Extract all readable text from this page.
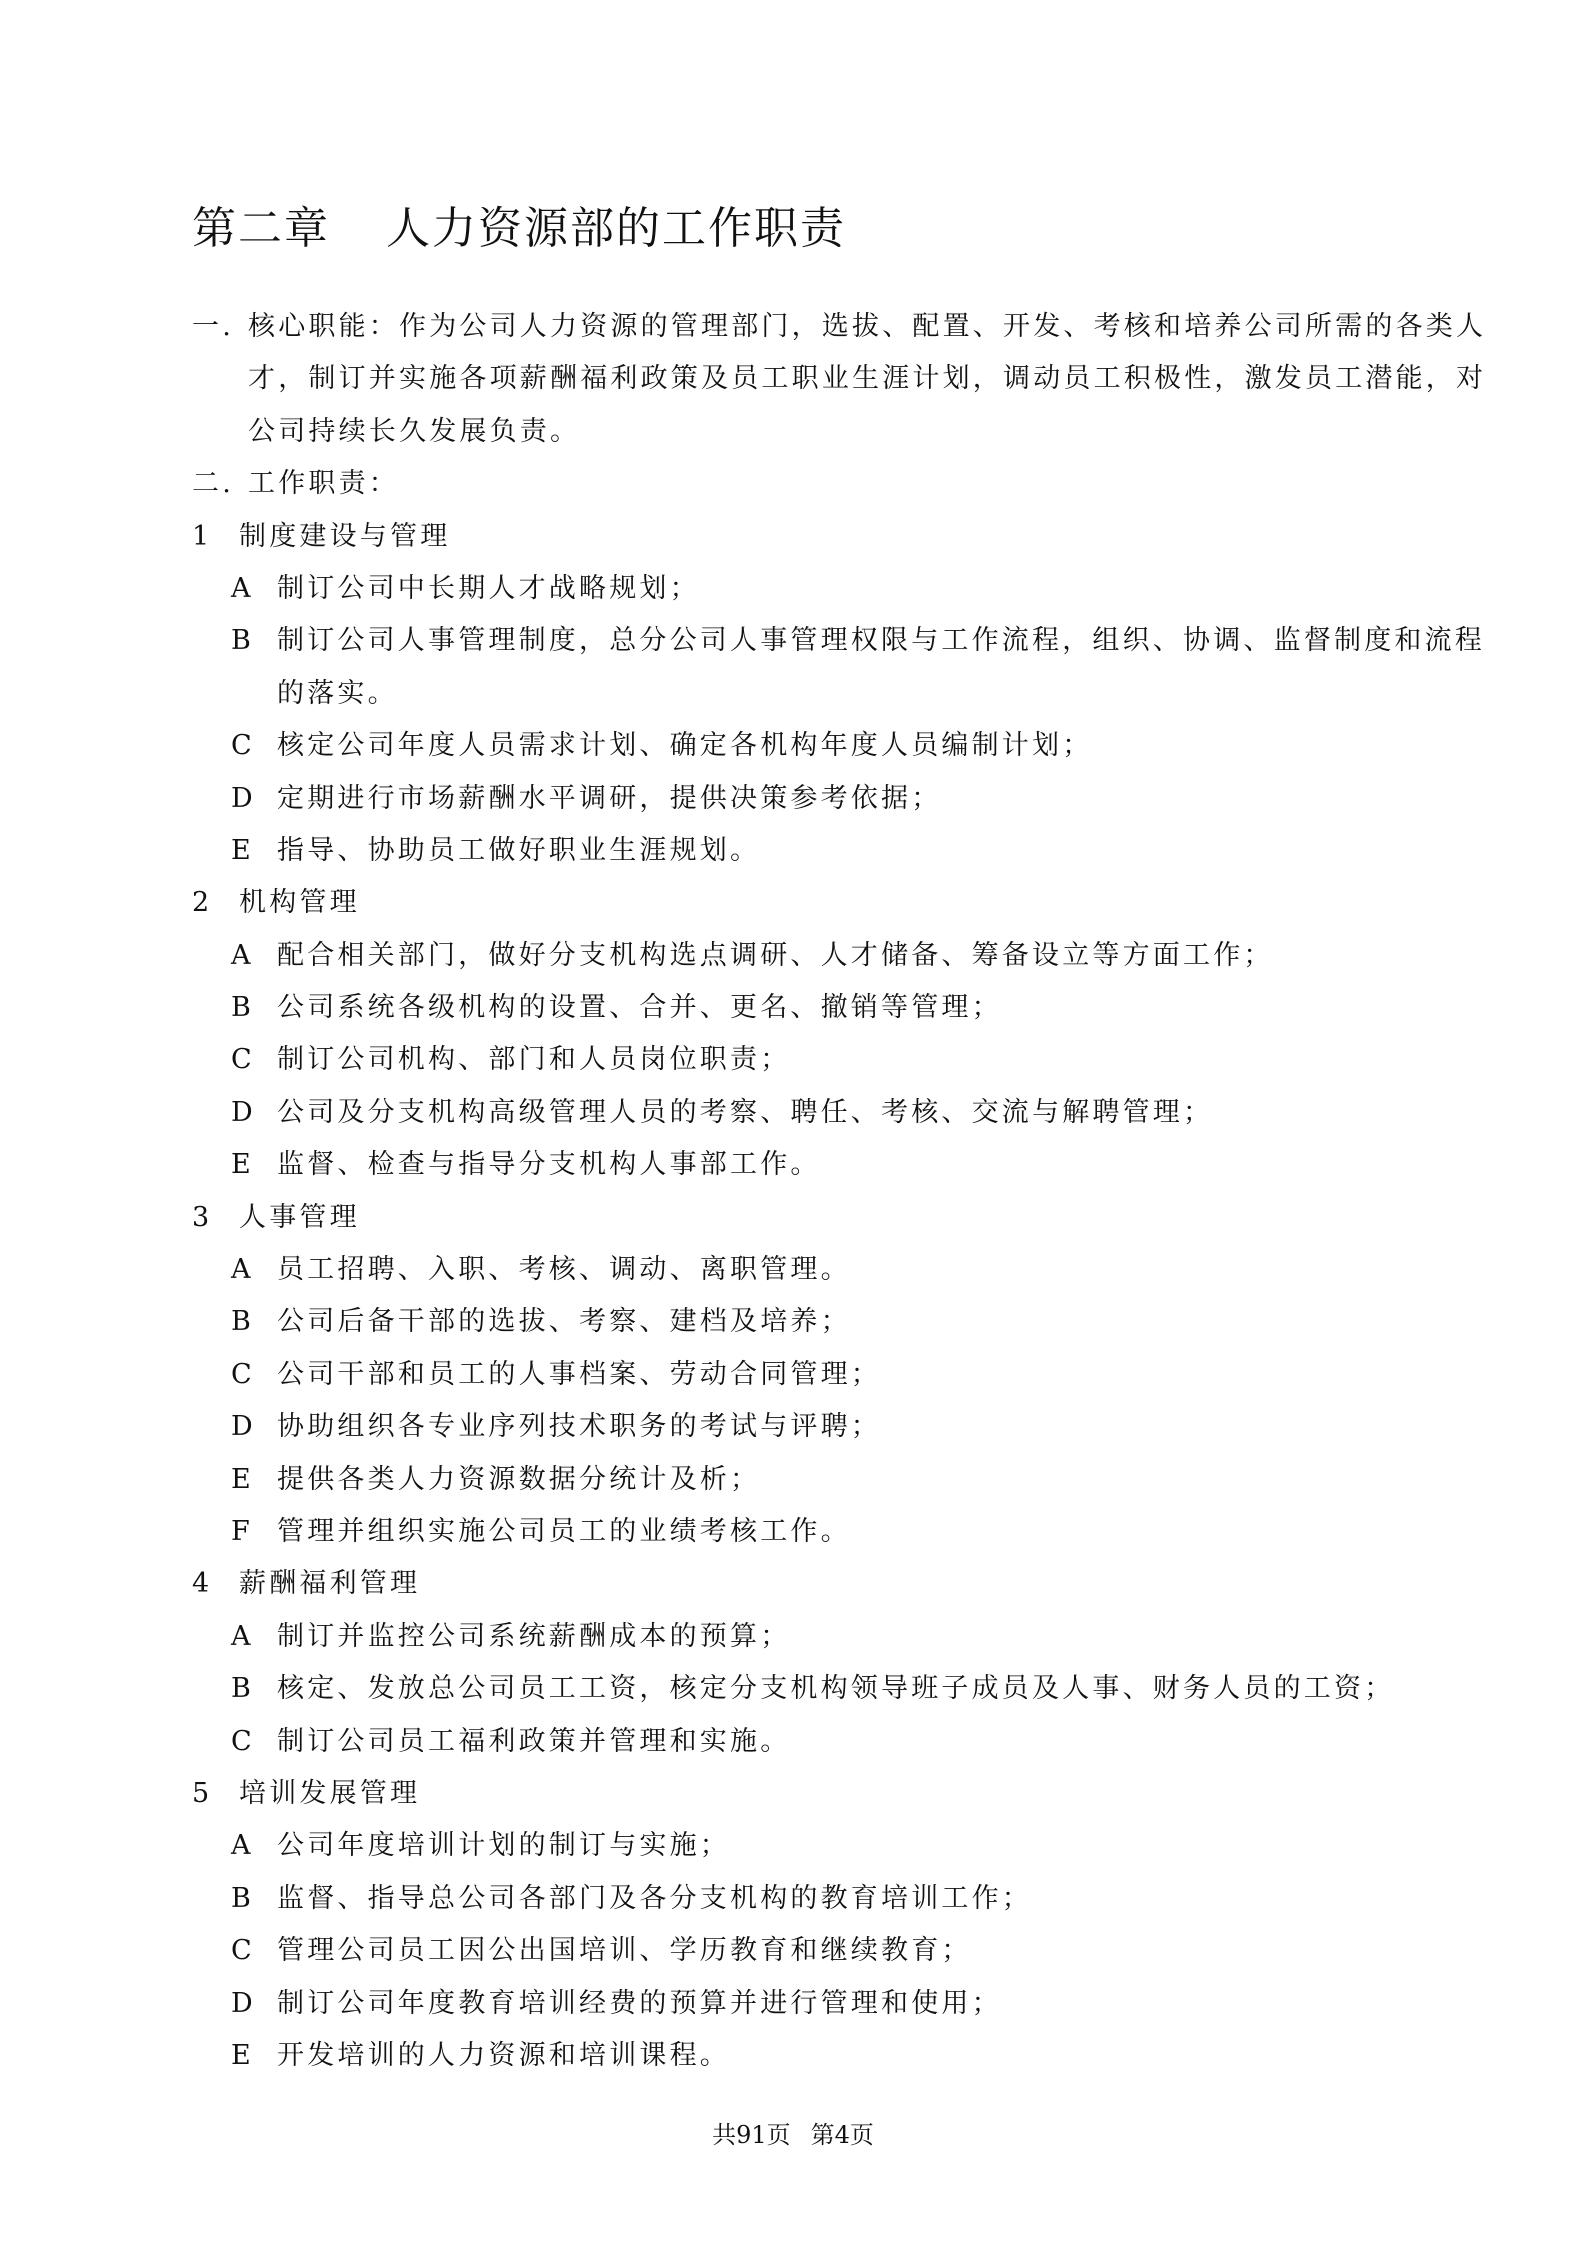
第二章 人力资源部的工作职责
一. 核心职能：作为公司人力资源的管理部门，选拔、配置、开发、考核和培养公司所需的各类人
才，制订并实施各项薪酬福利政策及员工职业生涯计划，调动员工积极性，激发员工潜能，对
公司持续长久发展负责。
二. 工作职责：
1 制度建设与管理
A 制订公司中长期人才战略规划；
B 制订公司人事管理制度，总分公司人事管理权限与工作流程，组织、协调、监督制度和流程
的落实。
C 核定公司年度人员需求计划、确定各机构年度人员编制计划；
D 定期进行市场薪酬水平调研，提供决策参考依据；
E 指导、协助员工做好职业生涯规划。
2 机构管理
A 配合相关部门，做好分支机构选点调研、人才储备、筹备设立等方面工作；
B 公司系统各级机构的设置、合并、更名、撤销等管理；
C 制订公司机构、部门和人员岗位职责；
D 公司及分支机构高级管理人员的考察、聘任、考核、交流与解聘管理；
E 监督、检查与指导分支机构人事部工作。
3 人事管理
A 员工招聘、入职、考核、调动、离职管理。
B 公司后备干部的选拔、考察、建档及培养；
C 公司干部和员工的人事档案、劳动合同管理；
D 协助组织各专业序列技术职务的考试与评聘；
E 提供各类人力资源数据分统计及析；
F 管理并组织实施公司员工的业绩考核工作。
4 薪酬福利管理
A 制订并监控公司系统薪酬成本的预算；
B 核定、发放总公司员工工资，核定分支机构领导班子成员及人事、财务人员的工资；
C 制订公司员工福利政策并管理和实施。
5 培训发展管理
A 公司年度培训计划的制订与实施；
B 监督、指导总公司各部门及各分支机构的教育培训工作；
C 管理公司员工因公出国培训、学历教育和继续教育；
D 制订公司年度教育培训经费的预算并进行管理和使用；
E 开发培训的人力资源和培训课程。
共91页 第4页
